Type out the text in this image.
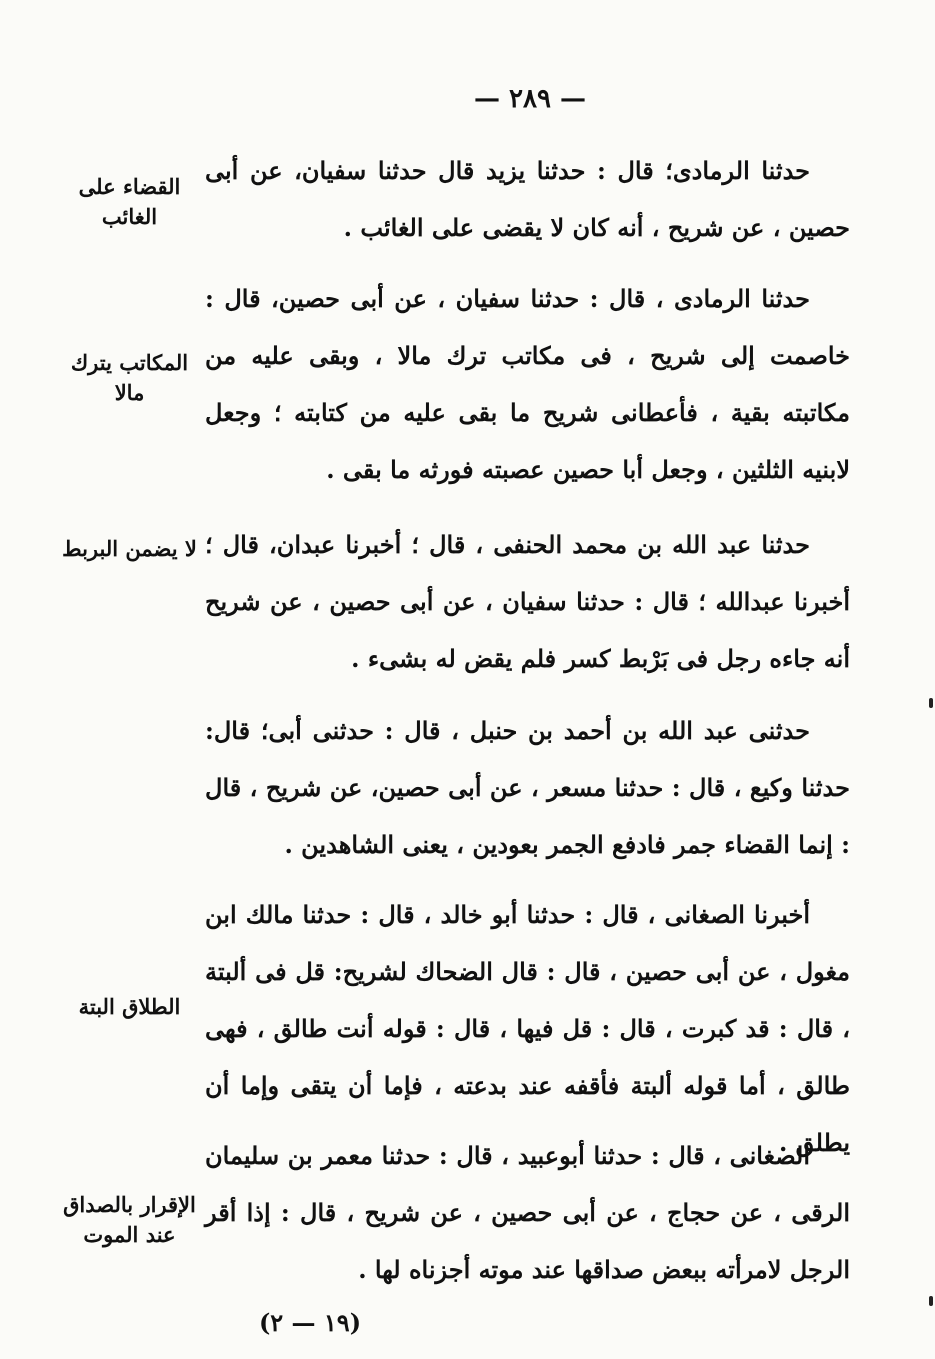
— ٢٨٩ —
القضاء على الغائب
المكاتب يترك مالا
لا يضمن البربط
الطلاق البتة
الإقرار بالصداق عند الموت

حدثنا الرمادى؛ قال : حدثنا يزيد قال حدثنا سفيان، عن أبى حصين ، عن شريح ، أنه كان لا يقضى على الغائب .

حدثنا الرمادى ، قال : حدثنا سفيان ، عن أبى حصين، قال : خاصمت إلى شريح ، فى مكاتب ترك مالا ، وبقى عليه من مكاتبته بقية ، فأعطانى شريح ما بقى عليه من كتابته ؛ وجعل لابنيه الثلثين ، وجعل أبا حصين عصبته فورثه ما بقى .

حدثنا عبد الله بن محمد الحنفى ، قال ؛ أخبرنا عبدان، قال ؛ أخبرنا عبدالله ؛ قال : حدثنا سفيان ، عن أبى حصين ، عن شريح أنه جاءه رجل فى بَرْبط كسر فلم يقض له بشىء .

حدثنى عبد الله بن أحمد بن حنبل ، قال : حدثنى أبى؛ قال: حدثنا وكيع ، قال : حدثنا مسعر ، عن أبى حصين، عن شريح ، قال : إنما القضاء جمر فادفع الجمر بعودين ، يعنى الشاهدين .

أخبرنا الصغانى ، قال : حدثنا أبو خالد ، قال : حدثنا مالك ابن مغول ، عن أبى حصين ، قال : قال الضحاك لشريح: قل فى ألبتة ، قال : قد كبرت ، قال : قل فيها ، قال : قوله أنت طالق ، فهى طالق ، أما قوله ألبتة فأقفه عند بدعته ، فإما أن يتقى وإما أن يطلق .

الصغانى ، قال : حدثنا أبوعبيد ، قال : حدثنا معمر بن سليمان الرقى ، عن حجاج ، عن أبى حصين ، عن شريح ، قال : إذا أقر الرجل لامرأته ببعض صداقها عند موته أجزناه لها .

(١٩ — ٢)
